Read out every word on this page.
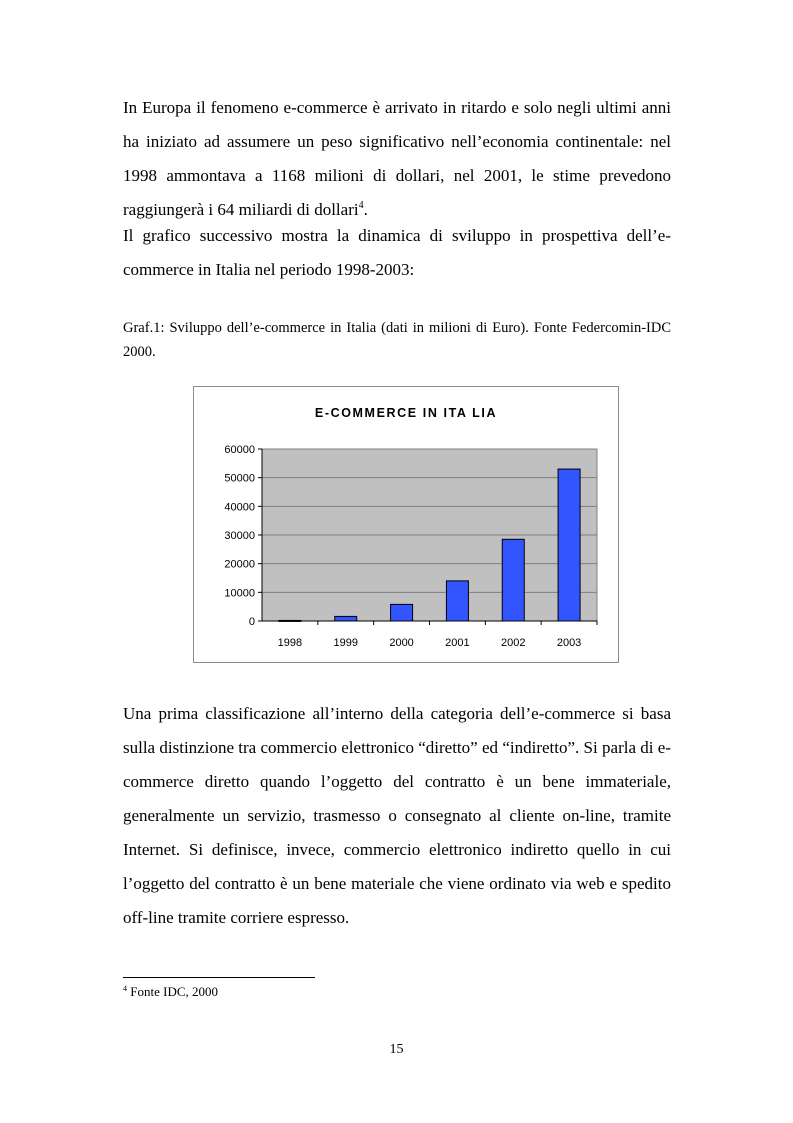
In Europa il fenomeno e-commerce è arrivato in ritardo e solo negli ultimi anni ha iniziato ad assumere un peso significativo nell’economia continentale: nel 1998 ammontava a 1168 milioni di dollari, nel 2001, le stime prevedono raggiungerà i 64 miliardi di dollari$^4$.

Il grafico successivo mostra la dinamica di sviluppo in prospettiva dell’e-commerce in Italia nel periodo 1998-2003:

Graf.1: Sviluppo dell’e-commerce in Italia (dati in milioni di Euro). Fonte Federcomin-IDC 2000.

E-COMMERCE IN ITA LIA
0
10000
20000
30000
40000
50000
60000
1998	1999	2000	2001	2002	2003

Una prima classificazione all’interno della categoria dell’e-commerce si basa sulla distinzione tra commercio elettronico “diretto” ed “indiretto”. Si parla di e-commerce diretto quando l’oggetto del contratto è un bene immateriale, generalmente un servizio, trasmesso o consegnato al cliente on-line, tramite Internet. Si definisce, invece, commercio elettronico indiretto quello in cui l’oggetto del contratto è un bene materiale che viene ordinato via web e spedito off-line tramite corriere espresso.

$^4$ Fonte IDC, 2000

15
